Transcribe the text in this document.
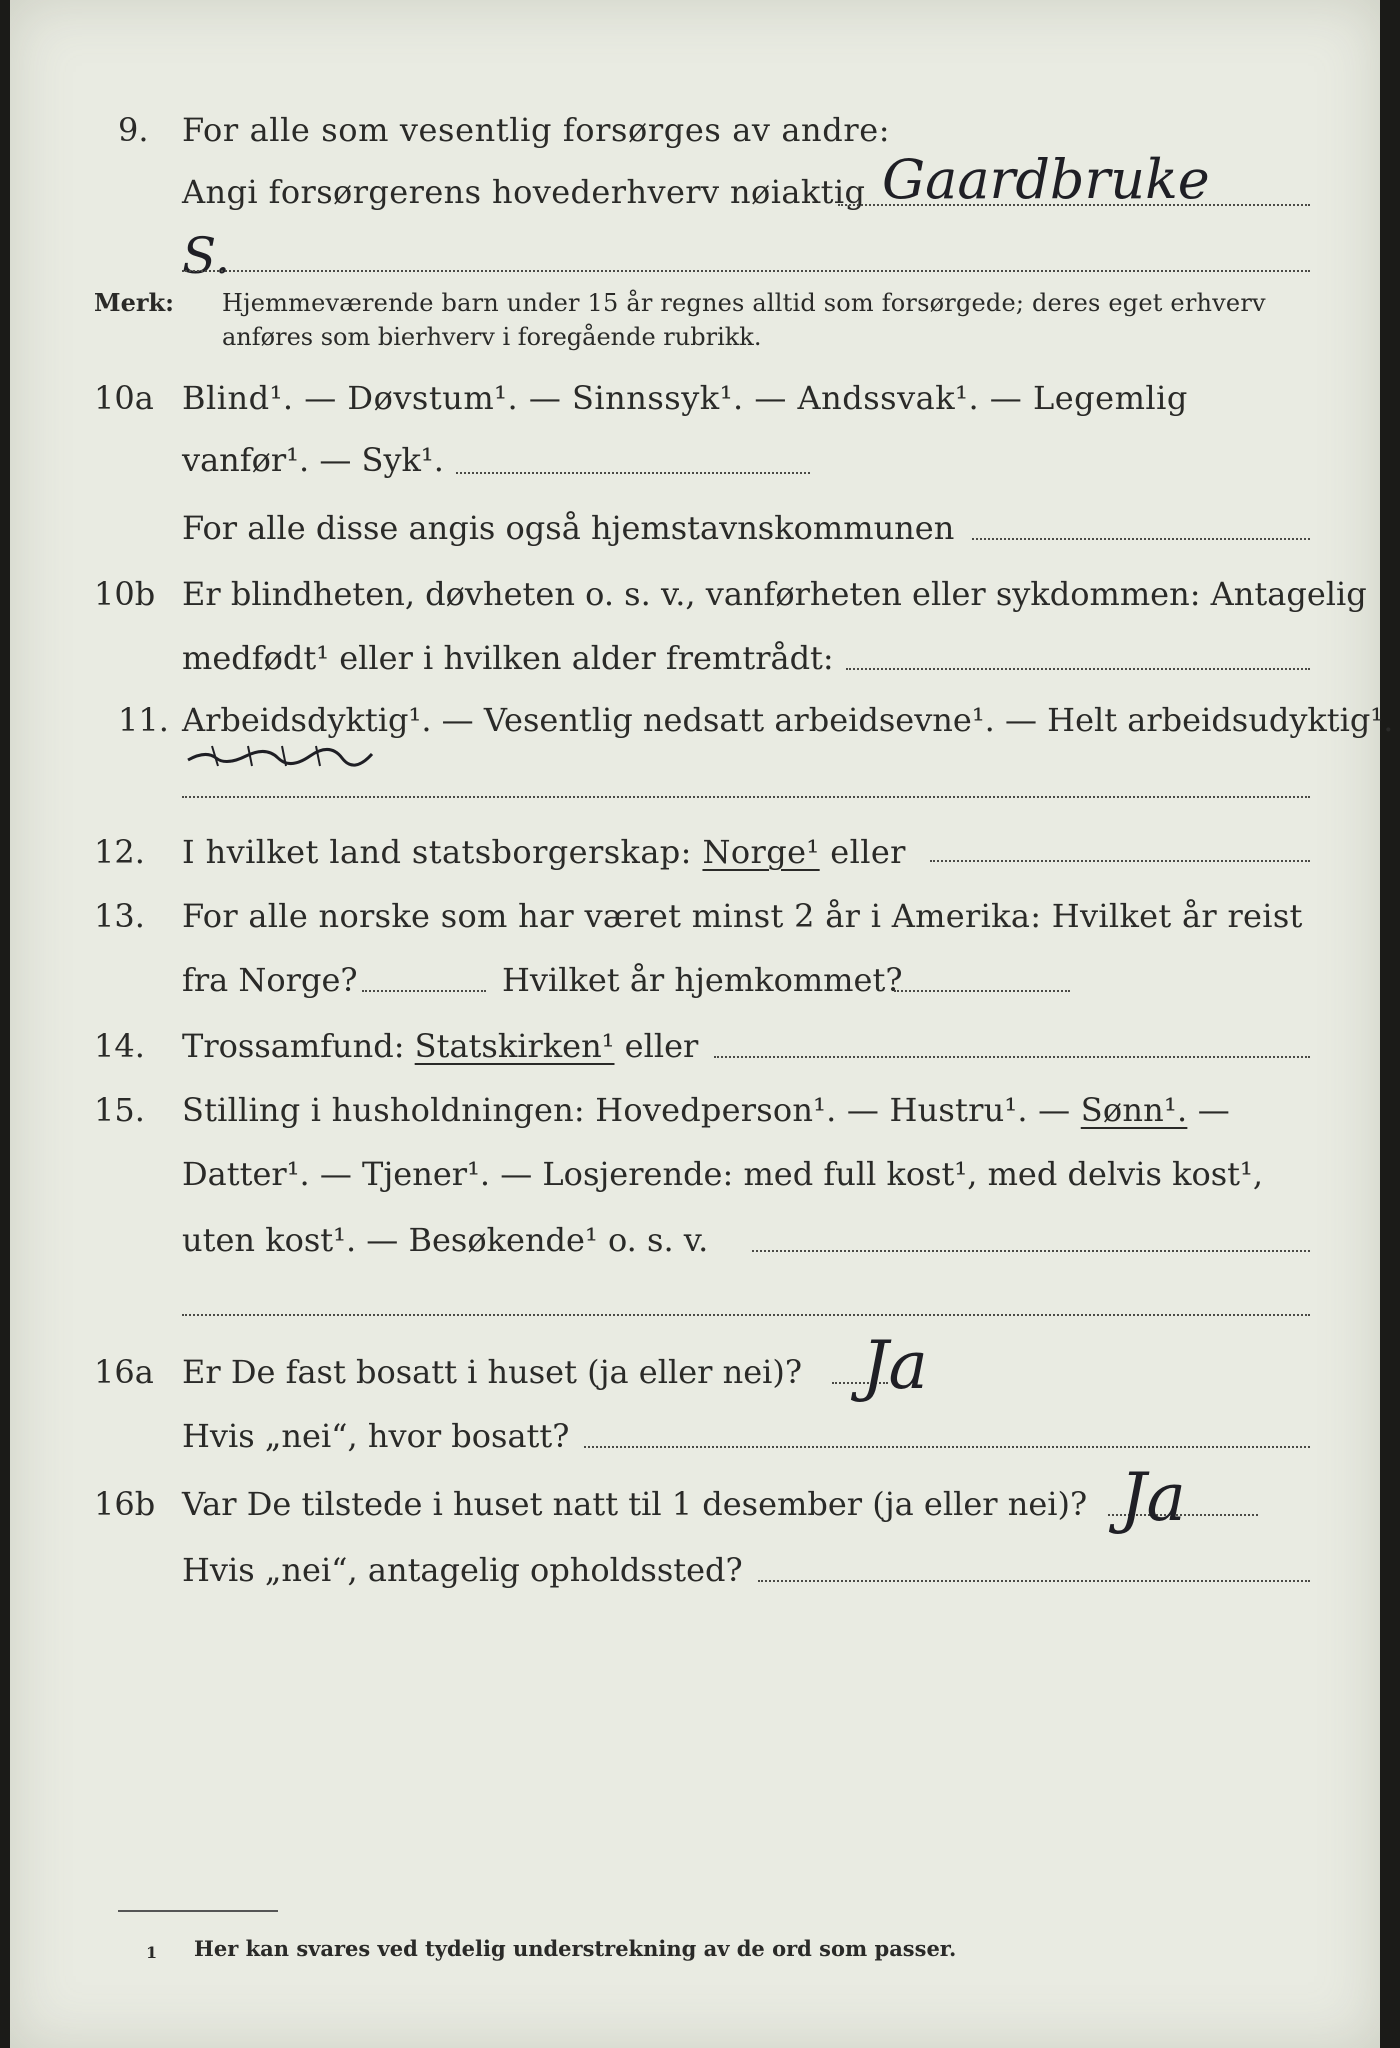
9. For alle som vesentlig forsørges av andre:
Angi forsørgerens hovederhverv nøiaktig Gaardbruke
S.
Merk: Hjemmeværende barn under 15 år regnes alltid som forsørgede; deres eget erhverv
anføres som bierhverv i foregående rubrikk.
10a Blind¹. — Døvstum¹. — Sinnssyk¹. — Andssvak¹. — Legemlig
vanfør¹. — Syk¹.
For alle disse angis også hjemstavnskommunen
10b Er blindheten, døvheten o. s. v., vanførheten eller sykdommen: Antagelig
medfødt¹ eller i hvilken alder fremtrådt:
11. Arbeidsdyktig¹. — Vesentlig nedsatt arbeidsevne¹. — Helt arbeidsudyktig¹.
12. I hvilket land statsborgerskap: Norge¹ eller
13. For alle norske som har været minst 2 år i Amerika: Hvilket år reist
fra Norge?	Hvilket år hjemkommet?
14. Trossamfund: Statskirken¹ eller
15. Stilling i husholdningen: Hovedperson¹. — Hustru¹. — Sønn¹. —
Datter¹. — Tjener¹. — Losjerende: med full kost¹, med delvis kost¹,
uten kost¹. — Besøkende¹ o. s. v.
16a Er De fast bosatt i huset (ja eller nei)? Ja
Hvis „nei“, hvor bosatt?
16b Var De tilstede i huset natt til 1 desember (ja eller nei)? Ja
Hvis „nei“, antagelig opholdssted?
1 Her kan svares ved tydelig understrekning av de ord som passer.
